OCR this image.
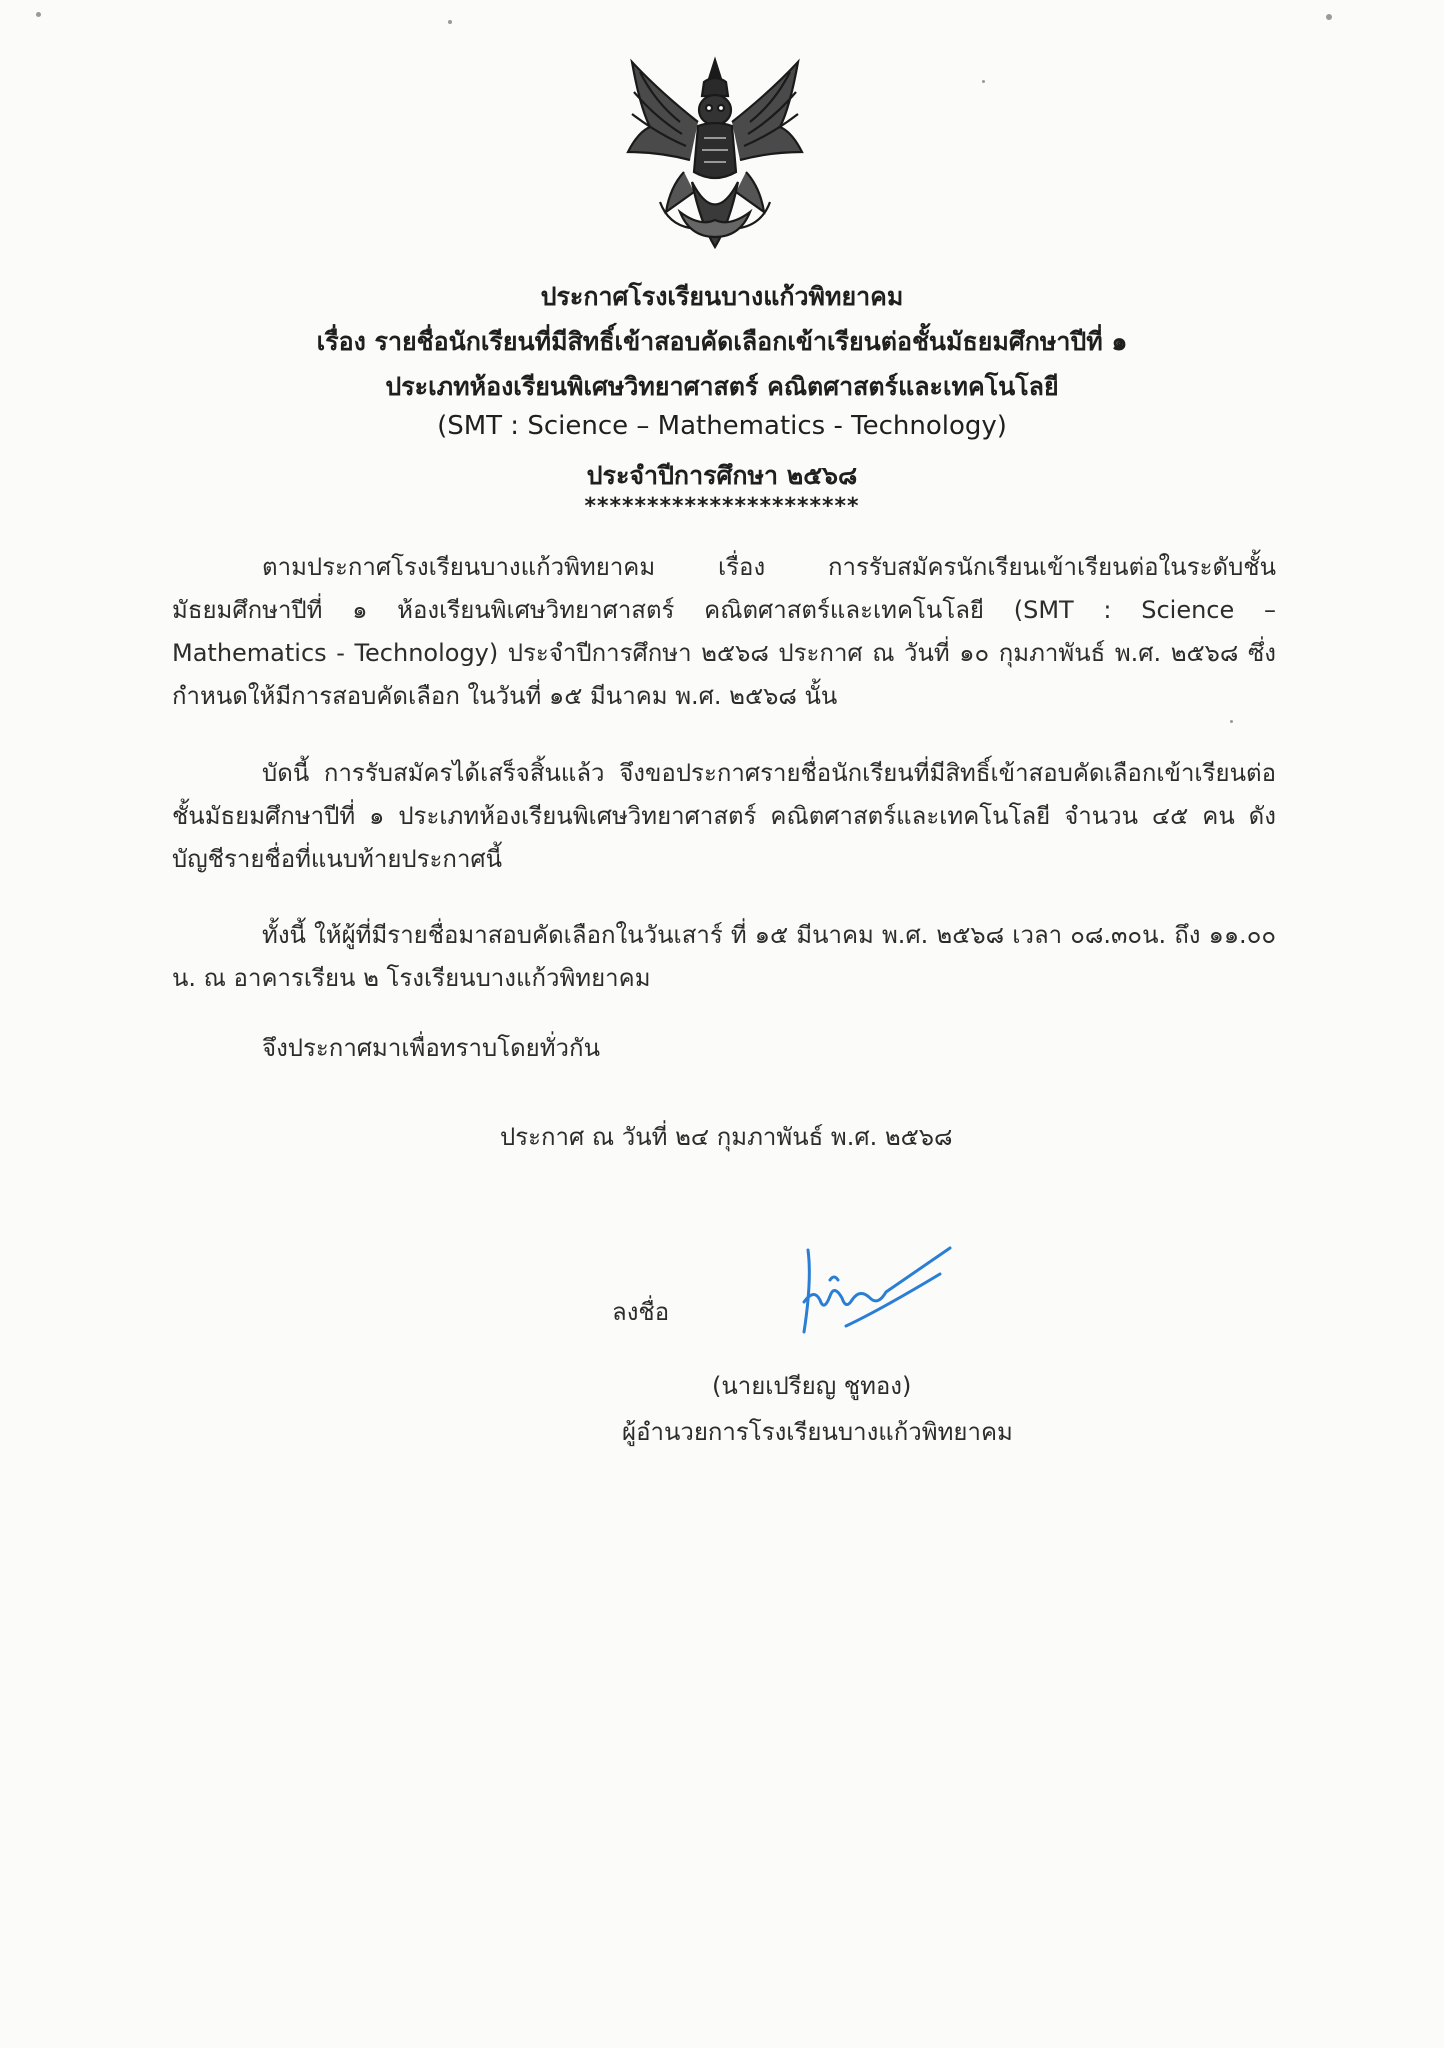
ประกาศโรงเรียนบางแก้วพิทยาคม
เรื่อง รายชื่อนักเรียนที่มีสิทธิ์เข้าสอบคัดเลือกเข้าเรียนต่อชั้นมัธยมศึกษาปีที่ ๑
ประเภทห้องเรียนพิเศษวิทยาศาสตร์ คณิตศาสตร์และเทคโนโลยี
(SMT : Science – Mathematics - Technology)
ประจำปีการศึกษา ๒๕๖๘
**********************
ตามประกาศโรงเรียนบางแก้วพิทยาคม เรื่อง การรับสมัครนักเรียนเข้าเรียนต่อในระดับชั้นมัธยมศึกษาปีที่ ๑ ห้องเรียนพิเศษวิทยาศาสตร์ คณิตศาสตร์และเทคโนโลยี (SMT : Science – Mathematics - Technology) ประจำปีการศึกษา ๒๕๖๘ ประกาศ ณ วันที่ ๑๐ กุมภาพันธ์ พ.ศ. ๒๕๖๘ ซึ่งกำหนดให้มีการสอบคัดเลือก ในวันที่ ๑๕ มีนาคม พ.ศ. ๒๕๖๘ นั้น
บัดนี้ การรับสมัครได้เสร็จสิ้นแล้ว จึงขอประกาศรายชื่อนักเรียนที่มีสิทธิ์เข้าสอบคัดเลือกเข้าเรียนต่อชั้นมัธยมศึกษาปีที่ ๑ ประเภทห้องเรียนพิเศษวิทยาศาสตร์ คณิตศาสตร์และเทคโนโลยี จำนวน ๔๕ คน ดังบัญชีรายชื่อที่แนบท้ายประกาศนี้
ทั้งนี้ ให้ผู้ที่มีรายชื่อมาสอบคัดเลือกในวันเสาร์ ที่ ๑๕ มีนาคม พ.ศ. ๒๕๖๘ เวลา ๐๘.๓๐น. ถึง ๑๑.๐๐ น. ณ อาคารเรียน ๒ โรงเรียนบางแก้วพิทยาคม
จึงประกาศมาเพื่อทราบโดยทั่วกัน
ประกาศ ณ วันที่ ๒๔ กุมภาพันธ์ พ.ศ. ๒๕๖๘
ลงชื่อ
(นายเปรียญ ชูทอง)
ผู้อำนวยการโรงเรียนบางแก้วพิทยาคม
